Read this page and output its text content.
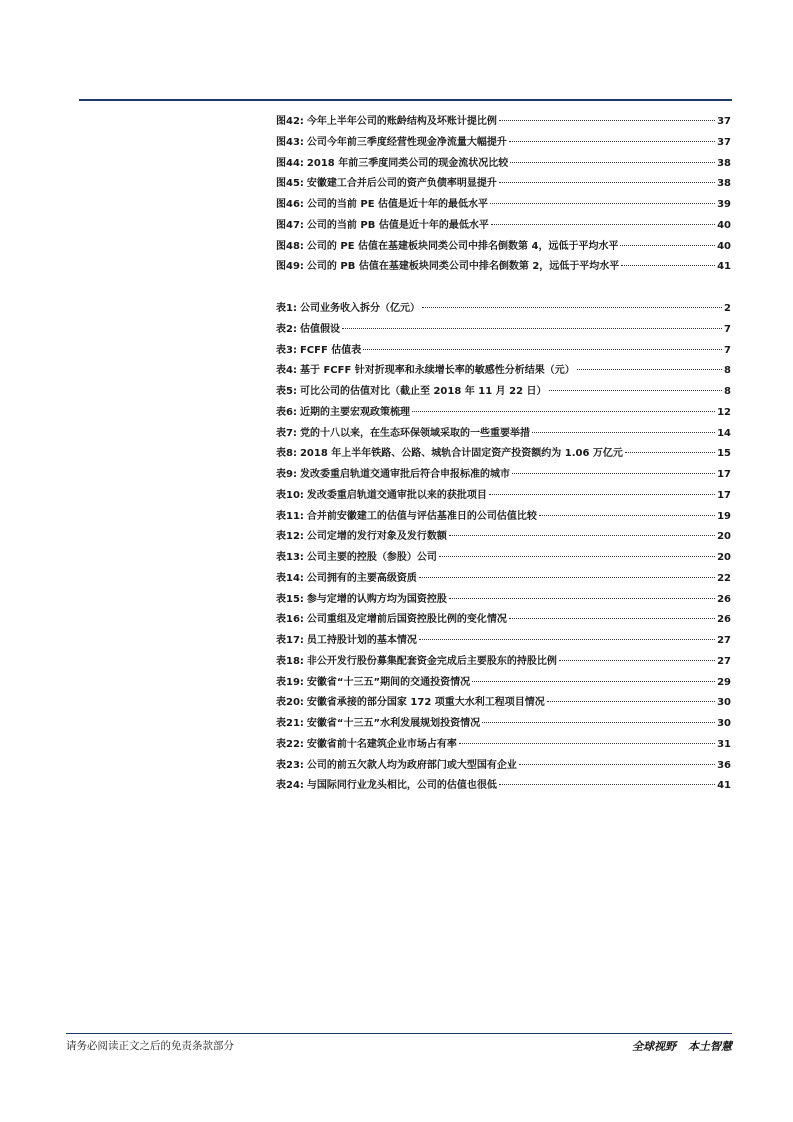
图42: 今年上半年公司的账龄结构及坏账计提比例	37
图43: 公司今年前三季度经营性现金净流量大幅提升	37
图44: 2018 年前三季度同类公司的现金流状况比较	38
图45: 安徽建工合并后公司的资产负债率明显提升	38
图46: 公司的当前 PE 估值是近十年的最低水平	39
图47: 公司的当前 PB 估值是近十年的最低水平	40
图48: 公司的 PE 估值在基建板块同类公司中排名倒数第 4，远低于平均水平	40
图49: 公司的 PB 估值在基建板块同类公司中排名倒数第 2，远低于平均水平	41
表1: 公司业务收入拆分（亿元）	2
表2: 估值假设	7
表3: FCFF 估值表	7
表4: 基于 FCFF 针对折现率和永续增长率的敏感性分析结果（元）	8
表5: 可比公司的估值对比（截止至 2018 年 11 月 22 日）	8
表6: 近期的主要宏观政策梳理	12
表7: 党的十八以来，在生态环保领域采取的一些重要举措	14
表8: 2018 年上半年铁路、公路、城轨合计固定资产投资额约为 1.06 万亿元	15
表9: 发改委重启轨道交通审批后符合申报标准的城市	17
表10: 发改委重启轨道交通审批以来的获批项目	17
表11: 合并前安徽建工的估值与评估基准日的公司估值比较	19
表12: 公司定增的发行对象及发行数额	20
表13: 公司主要的控股（参股）公司	20
表14: 公司拥有的主要高级资质	22
表15: 参与定增的认购方均为国资控股	26
表16: 公司重组及定增前后国资控股比例的变化情况	26
表17: 员工持股计划的基本情况	27
表18: 非公开发行股份募集配套资金完成后主要股东的持股比例	27
表19: 安徽省“十三五”期间的交通投资情况	29
表20: 安徽省承接的部分国家 172 项重大水利工程项目情况	30
表21: 安徽省“十三五”水利发展规划投资情况	30
表22: 安徽省前十名建筑企业市场占有率	31
表23: 公司的前五欠款人均为政府部门或大型国有企业	36
表24: 与国际同行业龙头相比，公司的估值也很低	41
请务必阅读正文之后的免责条款部分	全球视野 本土智慧
